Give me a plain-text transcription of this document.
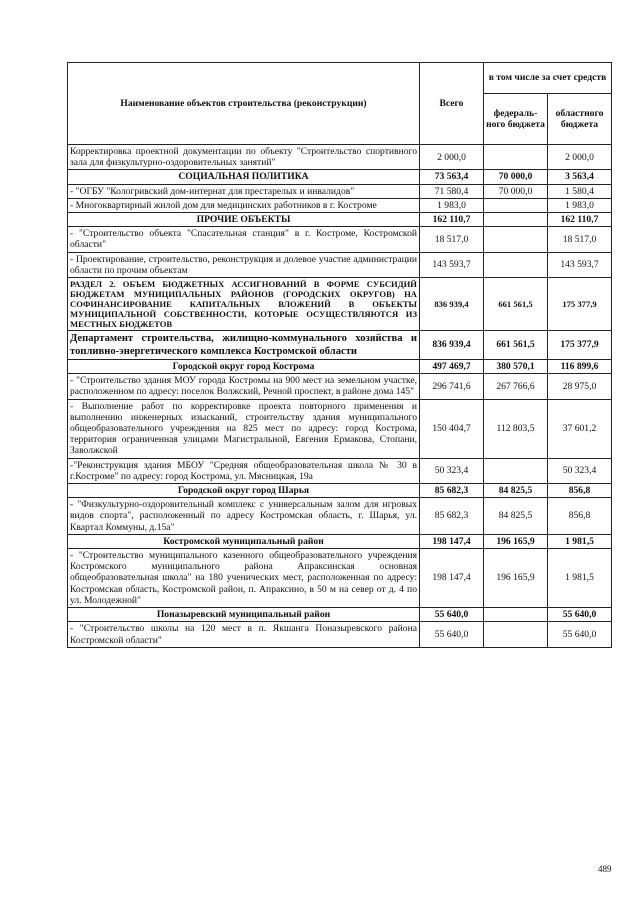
Наименование объектов строительства (реконструкции)	Всего	в том числе за счет средств	
		федераль-ного бюджета	областного бюджета
Корректировка проектной документации по объекту "Строительство спортивного зала для физкультурно-оздоровительных занятий"	2 000,0		2 000,0
СОЦИАЛЬНАЯ ПОЛИТИКА	73 563,4	70 000,0	3 563,4
- "ОГБУ "Кологривский дом-интернат для престарелых и инвалидов"	71 580,4	70 000,0	1 580,4
- Многоквартирный жилой дом для медицинских работников в г. Костроме	1 983,0		1 983,0
ПРОЧИЕ ОБЪЕКТЫ	162 110,7		162 110,7
- "Строительство объекта "Спасательная станция" в г. Костроме, Костромской области"	18 517,0		18 517,0
- Проектирование, строительство, реконструкция и долевое участие администрации области по прочим объектам	143 593,7		143 593,7
РАЗДЕЛ 2. ОБЪЕМ БЮДЖЕТНЫХ АССИГНОВАНИЙ В ФОРМЕ СУБСИДИЙ БЮДЖЕТАМ МУНИЦИПАЛЬНЫХ РАЙОНОВ (ГОРОДСКИХ ОКРУГОВ) НА СОФИНАНСИРОВАНИЕ КАПИТАЛЬНЫХ ВЛОЖЕНИЙ В ОБЪЕКТЫ МУНИЦИПАЛЬНОЙ СОБСТВЕННОСТИ, КОТОРЫЕ ОСУЩЕСТВЛЯЮТСЯ ИЗ МЕСТНЫХ БЮДЖЕТОВ	836 939,4	661 561,5	175 377,9
Департамент строительства, жилищно-коммунального хозяйства и топливно-энергетического комплекса Костромской области	836 939,4	661 561,5	175 377,9
Городской округ город Кострома	497 469,7	380 570,1	116 899,6
- "Строительство здания МОУ города Костромы на 900 мест на земельном участке, расположенном по адресу: поселок Волжский, Речной проспект, в районе дома 145"	296 741,6	267 766,6	28 975,0
- Выполнение работ по корректировке проекта повторного применения и выполнению инженерных изысканий, строительству здания муниципального общеобразовательного учреждения на 825 мест по адресу: город Кострома, территория ограниченная улицами Магистральной, Евгения Ермакова, Стопани, Заволжской	150 404,7	112 803,5	37 601,2
-"Реконструкция здания МБОУ "Средняя общеобразовательная школа № 30 в г.Костроме" по адресу: город Кострома, ул. Мясницкая, 19а	50 323,4		50 323,4
Городской округ город Шарья	85 682,3	84 825,5	856,8
- "Физкультурно-оздоровительный комплекс с универсальным залом для игровых видов спорта", расположенный по адресу Костромская область, г. Шарья, ул. Квартал Коммуны, д.15а"	85 682,3	84 825,5	856,8
Костромской муниципальный район	198 147,4	196 165,9	1 981,5
- "Строительство муниципального казенного общеобразовательного учреждения Костромского муниципального района Апраксинская основная общеобразовательная школа" на 180 ученических мест, расположенная по адресу: Костромская область, Костромской район, п. Апраксино, в 50 м на север от д. 4 по ул. Молодежной"	198 147,4	196 165,9	1 981,5
Поназыревский муниципальный район	55 640,0		55 640,0
- "Строительство школы на 120 мест в п. Якшанга Поназыревского района Костромской области"	55 640,0		55 640,0
489
